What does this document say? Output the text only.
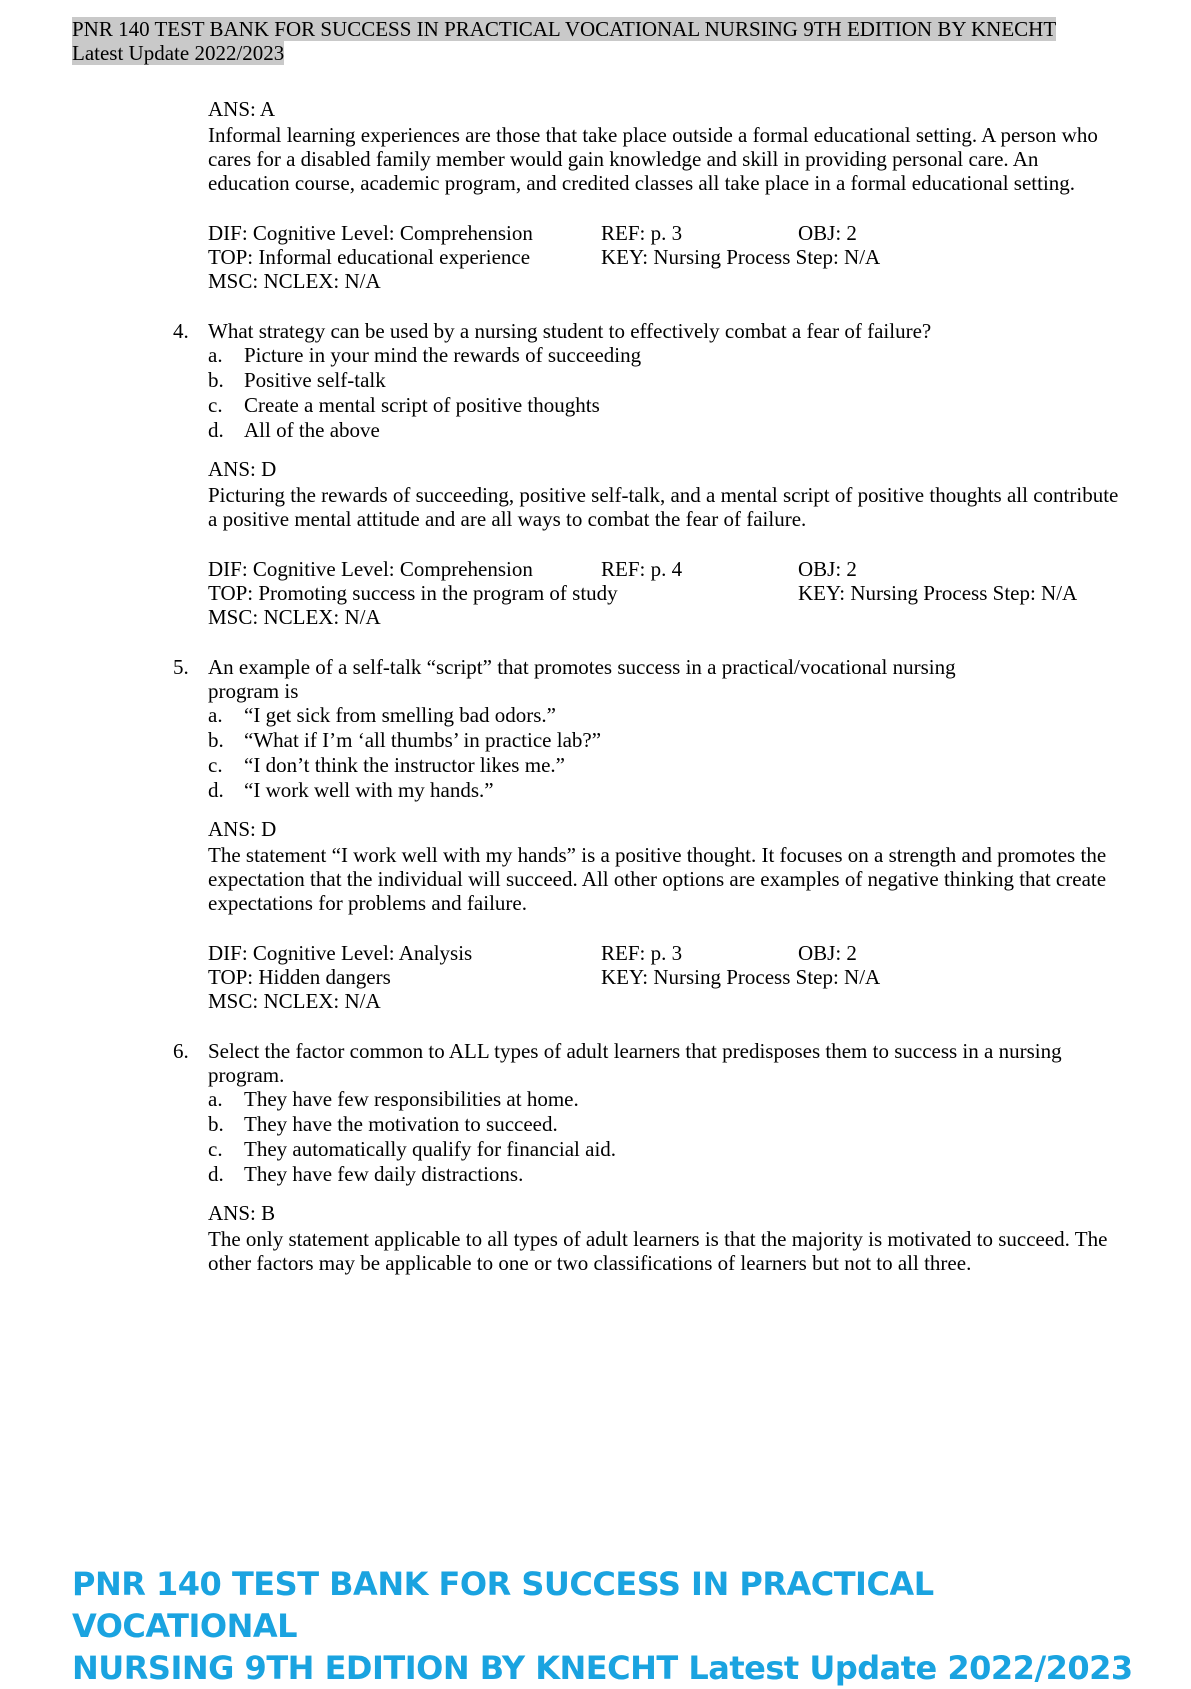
PNR 140 TEST BANK FOR SUCCESS IN PRACTICAL VOCATIONAL NURSING 9TH EDITION BY KNECHT
Latest Update 2022/2023
ANS: A
Informal learning experiences are those that take place outside a formal educational setting. A person who cares for a disabled family member would gain knowledge and skill in providing personal care. An education course, academic program, and credited classes all take place in a formal educational setting.
DIF: Cognitive Level: Comprehension	REF: p. 3	OBJ: 2
TOP: Informal educational experience	KEY: Nursing Process Step: N/A
MSC: NCLEX: N/A
4. What strategy can be used by a nursing student to effectively combat a fear of failure?
a. Picture in your mind the rewards of succeeding
b. Positive self-talk
c. Create a mental script of positive thoughts
d. All of the above
ANS: D
Picturing the rewards of succeeding, positive self-talk, and a mental script of positive thoughts all contribute a positive mental attitude and are all ways to combat the fear of failure.
DIF: Cognitive Level: Comprehension	REF: p. 4	OBJ: 2
TOP: Promoting success in the program of study	KEY: Nursing Process Step: N/A
MSC: NCLEX: N/A
5. An example of a self-talk “script” that promotes success in a practical/vocational nursing program is
a. “I get sick from smelling bad odors.”
b. “What if I’m ‘all thumbs’ in practice lab?”
c. “I don’t think the instructor likes me.”
d. “I work well with my hands.”
ANS: D
The statement “I work well with my hands” is a positive thought. It focuses on a strength and promotes the expectation that the individual will succeed. All other options are examples of negative thinking that create expectations for problems and failure.
DIF: Cognitive Level: Analysis	REF: p. 3	OBJ: 2
TOP: Hidden dangers	KEY: Nursing Process Step: N/A
MSC: NCLEX: N/A
6. Select the factor common to ALL types of adult learners that predisposes them to success in a nursing program.
a. They have few responsibilities at home.
b. They have the motivation to succeed.
c. They automatically qualify for financial aid.
d. They have few daily distractions.
ANS: B
The only statement applicable to all types of adult learners is that the majority is motivated to succeed. The other factors may be applicable to one or two classifications of learners but not to all three.
PNR 140 TEST BANK FOR SUCCESS IN PRACTICAL VOCATIONAL
NURSING 9TH EDITION BY KNECHT Latest Update 2022/2023
